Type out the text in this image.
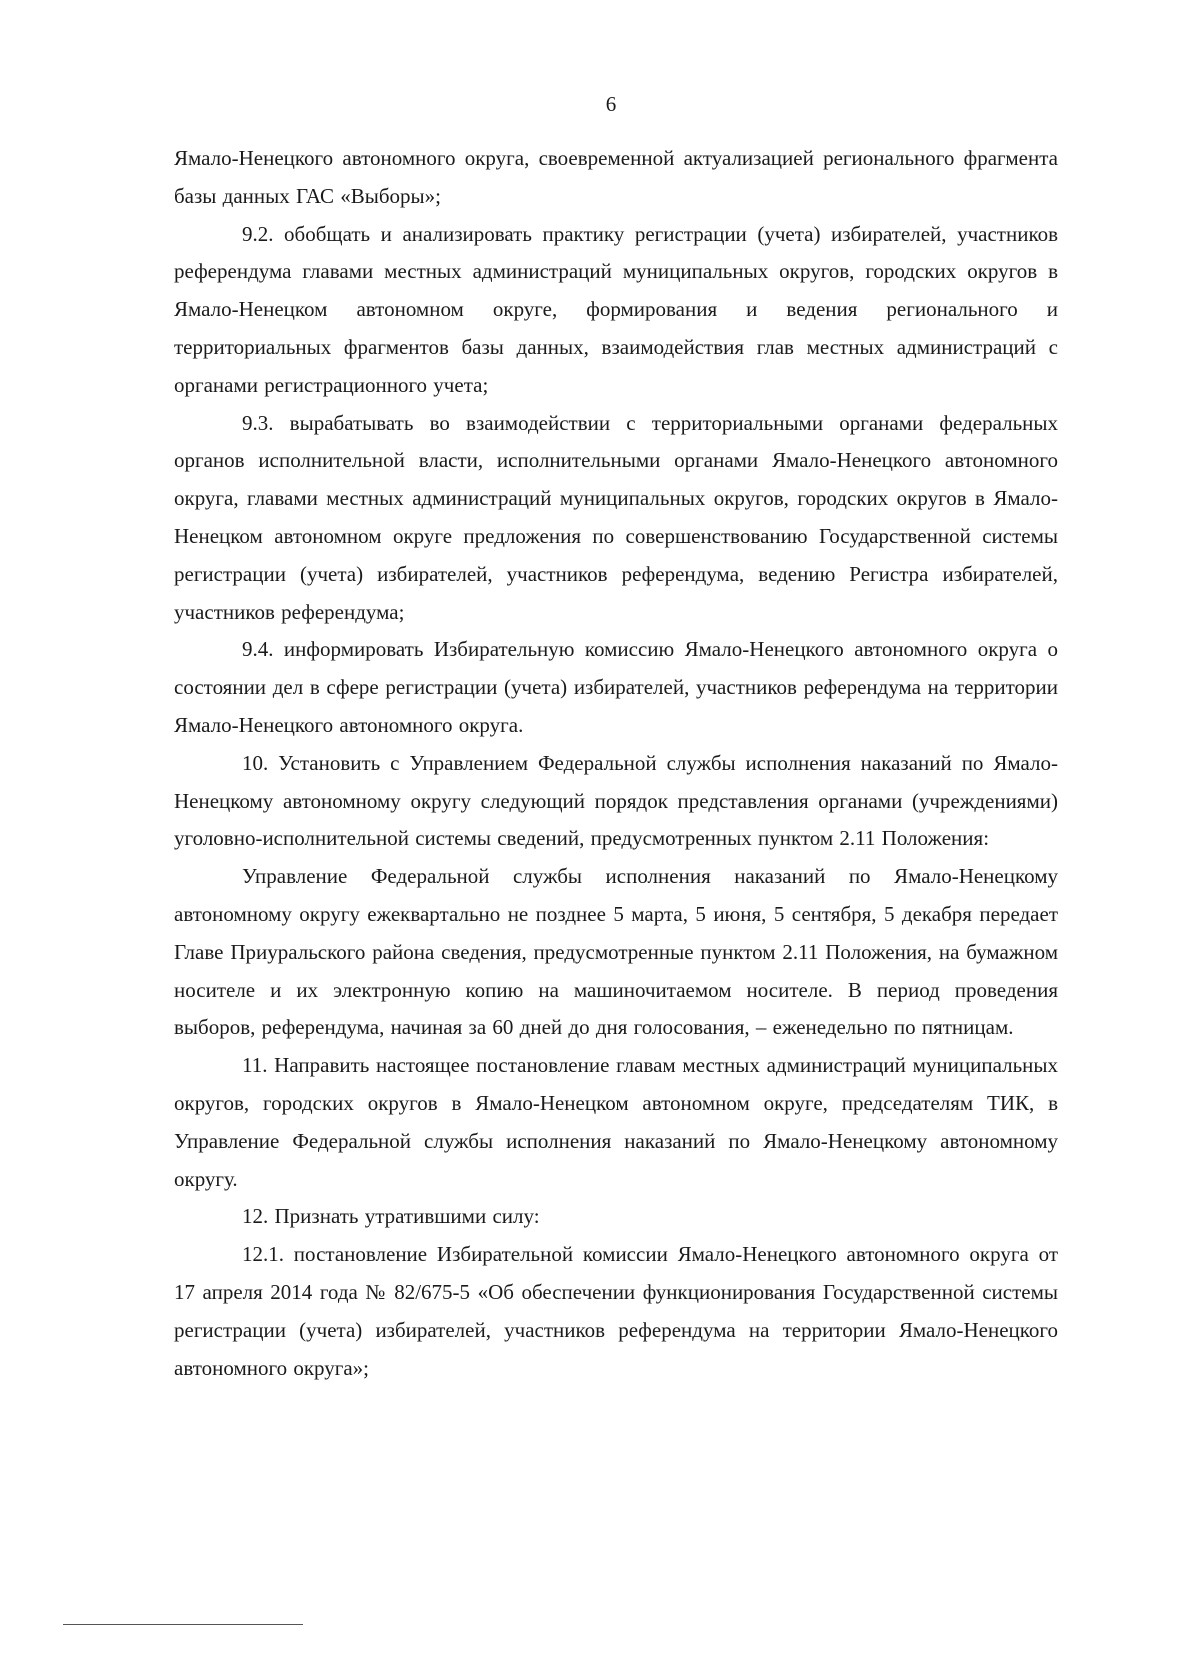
6

Ямало-Ненецкого автономного округа, своевременной актуализацией регионального фрагмента базы данных ГАС «Выборы»;

9.2. обобщать и анализировать практику регистрации (учета) избирателей, участников референдума главами местных администраций муниципальных округов, городских округов в Ямало-Ненецком автономном округе, формирования и ведения регионального и территориальных фрагментов базы данных, взаимодействия глав местных администраций с органами регистрационного учета;

9.3. вырабатывать во взаимодействии с территориальными органами федеральных органов исполнительной власти, исполнительными органами Ямало-Ненецкого автономного округа, главами местных администраций муниципальных округов, городских округов в Ямало-Ненецком автономном округе предложения по совершенствованию Государственной системы регистрации (учета) избирателей, участников референдума, ведению Регистра избирателей, участников референдума;

9.4. информировать Избирательную комиссию Ямало-Ненецкого автономного округа о состоянии дел в сфере регистрации (учета) избирателей, участников референдума на территории Ямало-Ненецкого автономного округа.

10. Установить с Управлением Федеральной службы исполнения наказаний по Ямало-Ненецкому автономному округу следующий порядок представления органами (учреждениями) уголовно-исполнительной системы сведений, предусмотренных пунктом 2.11 Положения:

Управление Федеральной службы исполнения наказаний по Ямало-Ненецкому автономному округу ежеквартально не позднее 5 марта, 5 июня, 5 сентября, 5 декабря передает Главе Приуральского района сведения, предусмотренные пунктом 2.11 Положения, на бумажном носителе и их электронную копию на машиночитаемом носителе. В период проведения выборов, референдума, начиная за 60 дней до дня голосования, – еженедельно по пятницам.

11. Направить настоящее постановление главам местных администраций муниципальных округов, городских округов в Ямало-Ненецком автономном округе, председателям ТИК, в Управление Федеральной службы исполнения наказаний по Ямало-Ненецкому автономному округу.

12. Признать утратившими силу:

12.1. постановление Избирательной комиссии Ямало-Ненецкого автономного округа от 17 апреля 2014 года № 82/675-5 «Об обеспечении функционирования Государственной системы регистрации (учета) избирателей, участников референдума на территории Ямало-Ненецкого автономного округа»;
